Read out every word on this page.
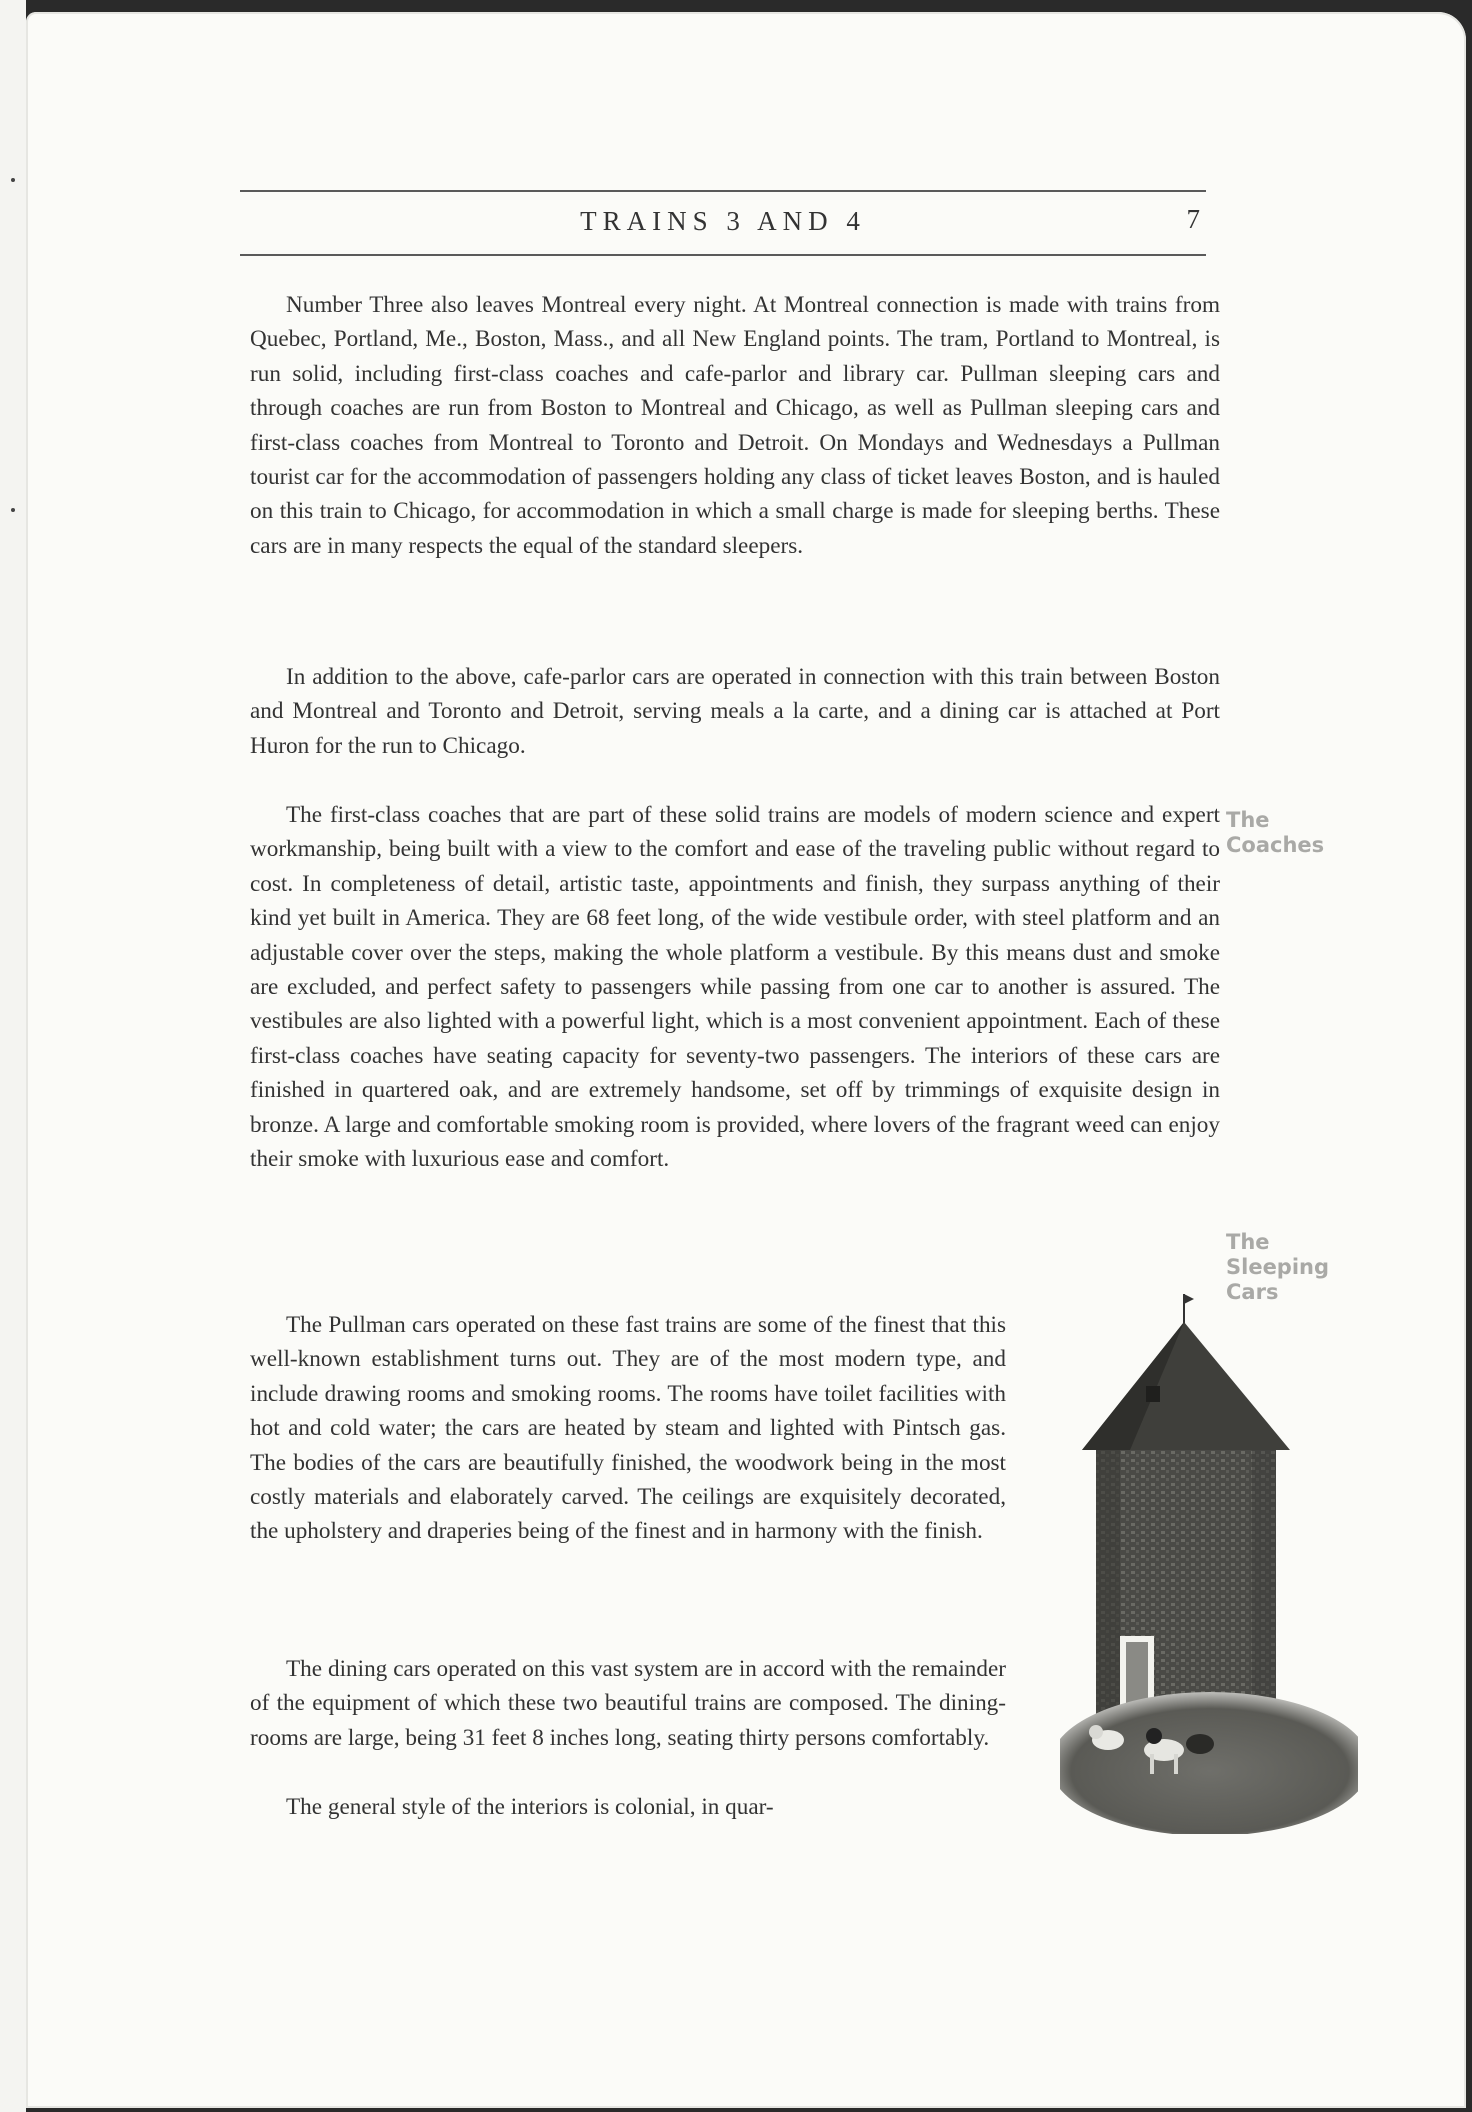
TRAINS 3 AND 4	7

Number Three also leaves Montreal every night. At Montreal connection is made with trains from Quebec, Portland, Me., Boston, Mass., and all New England points. The tram, Portland to Montreal, is run solid, including first-class coaches and cafe-parlor and library car. Pullman sleeping cars and through coaches are run from Boston to Montreal and Chicago, as well as Pullman sleeping cars and first-class coaches from Montreal to Toronto and Detroit. On Mondays and Wednesdays a Pullman tourist car for the accommodation of passengers holding any class of ticket leaves Boston, and is hauled on this train to Chicago, for accommodation in which a small charge is made for sleeping berths. These cars are in many respects the equal of the standard sleepers.

In addition to the above, cafe-parlor cars are operated in connection with this train between Boston and Montreal and Toronto and Detroit, serving meals a la carte, and a dining car is attached at Port Huron for the run to Chicago.

The first-class coaches that are part of these solid trains are models of modern science and expert workmanship, being built with a view to the comfort and ease of the traveling public without regard to cost. In completeness of detail, artistic taste, appointments and finish, they surpass anything of their kind yet built in America. They are 68 feet long, of the wide vestibule order, with steel platform and an adjustable cover over the steps, making the whole platform a vestibule. By this means dust and smoke are excluded, and perfect safety to passengers while passing from one car to another is assured. The vestibules are also lighted with a powerful light, which is a most convenient appointment. Each of these first-class coaches have seating capacity for seventy-two passengers. The interiors of these cars are finished in quartered oak, and are extremely handsome, set off by trimmings of exquisite design in bronze. A large and comfortable smoking room is provided, where lovers of the fragrant weed can enjoy their smoke with luxurious ease and comfort.

The Pullman cars operated on these fast trains are some of the finest that this well-known establishment turns out. They are of the most modern type, and include drawing rooms and smoking rooms. The rooms have toilet facilities with hot and cold water; the cars are heated by steam and lighted with Pintsch gas. The bodies of the cars are beautifully finished, the woodwork being in the most costly materials and elaborately carved. The ceilings are exquisitely decorated, the upholstery and draperies being of the finest and in harmony with the finish.

The dining cars operated on this vast system are in accord with the remainder of the equipment of which these two beautiful trains are composed. The dining-rooms are large, being 31 feet 8 inches long, seating thirty persons comfortably.

The general style of the interiors is colonial, in quar-

The
Coaches
The
Sleeping
Cars
